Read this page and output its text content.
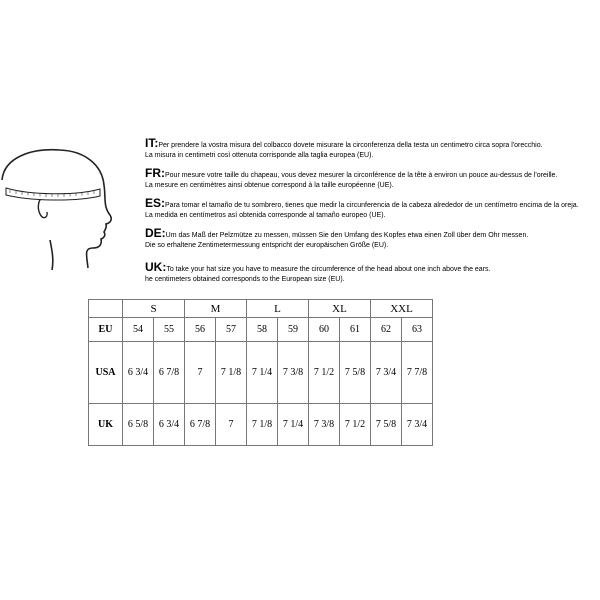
IT:Per prendere la vostra misura del colbacco dovete misurare la circonferenza della testa un centimetro circa sopra l'orecchio.
La misura in centimetri così ottenuta corrisponde alla taglia europea (EU).
FR:Pour mesure votre taille du chapeau, vous devez mesurer la circonférence de la tête à environ un pouce au-dessus de l'oreille.
La mesure en centimètres ainsi obtenue correspond à la taille européenne (UE).
ES:Para tomar el tamaño de tu sombrero, tienes que medir la circunferencia de la cabeza alrededor de un centímetro encima de la oreja.
La medida en centímetros así obtenida corresponde al tamaño europeo (UE).
DE:Um das Maß der Pelzmütze zu messen, müssen Sie den Umfang des Kopfes etwa einen Zoll über dem Ohr messen.
Die so erhaltene Zentimetermessung entspricht der europäischen Größe (EU).
UK:To take your hat size you have to measure the circumference of the head about one inch above the ears.
he centimeters obtained corresponds to the European size (EU).
	S		M		L		XL		XXL	
EU	54	55	56	57	58	59	60	61	62	63
USA	6 3/4	6 7/8	7	7 1/8	7 1/4	7 3/8	7 1/2	7 5/8	7 3/4	7 7/8
UK	6 5/8	6 3/4	6 7/8	7	7 1/8	7 1/4	7 3/8	7 1/2	7 5/8	7 3/4
